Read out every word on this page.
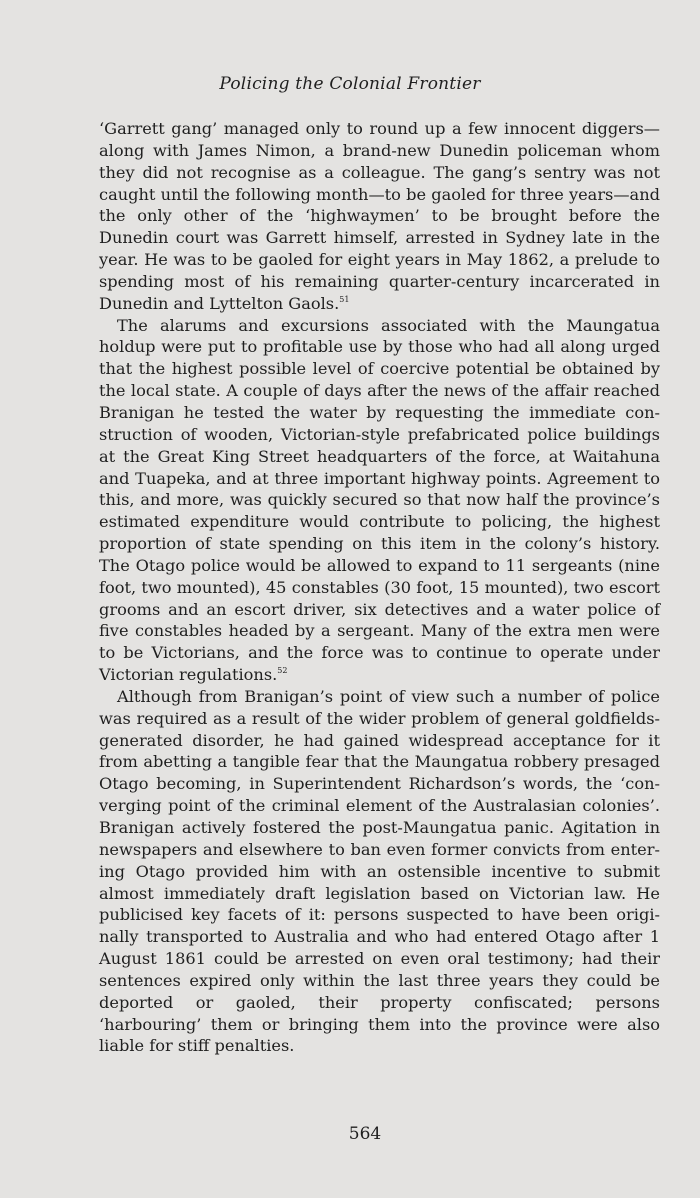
Policing the Colonial Frontier

‘Garrett gang’ managed only to round up a few innocent diggers—along with James Nimon, a brand-new Dunedin policeman whom they did not recognise as a colleague. The gang’s sentry was not caught until the following month—to be gaoled for three years—and the only other of the ‘highwaymen’ to be brought before the Dunedin court was Garrett himself, arrested in Sydney late in the year. He was to be gaoled for eight years in May 1862, a prelude to spending most of his remaining quarter-century incarcerated in Dunedin and Lyttelton Gaols.$^{51}$

The alarums and excursions associated with the Maungatua holdup were put to profitable use by those who had all along urged that the highest possible level of coercive potential be obtained by the local state. A couple of days after the news of the affair reached Branigan he tested the water by requesting the immediate construction of wooden, Victorian-style prefabricated police buildings at the Great King Street headquarters of the force, at Waitahuna and Tuapeka, and at three important highway points. Agreement to this, and more, was quickly secured so that now half the province’s estimated expenditure would contribute to policing, the highest proportion of state spending on this item in the colony’s history. The Otago police would be allowed to expand to 11 sergeants (nine foot, two mounted), 45 constables (30 foot, 15 mounted), two escort grooms and an escort driver, six detectives and a water police of five constables headed by a sergeant. Many of the extra men were to be Victorians, and the force was to continue to operate under Victorian regulations.$^{52}$

Although from Branigan’s point of view such a number of police was required as a result of the wider problem of general goldfields-generated disorder, he had gained widespread acceptance for it from abetting a tangible fear that the Maungatua robbery presaged Otago becoming, in Superintendent Richardson’s words, the ‘converging point of the criminal element of the Australasian colonies’. Branigan actively fostered the post-Maungatua panic. Agitation in newspapers and elsewhere to ban even former convicts from entering Otago provided him with an ostensible incentive to submit almost immediately draft legislation based on Victorian law. He publicised key facets of it: persons suspected to have been originally transported to Australia and who had entered Otago after 1 August 1861 could be arrested on even oral testimony; had their sentences expired only within the last three years they could be deported or gaoled, their property confiscated; persons ‘harbouring’ them or bringing them into the province were also liable for stiff penalties.

564
